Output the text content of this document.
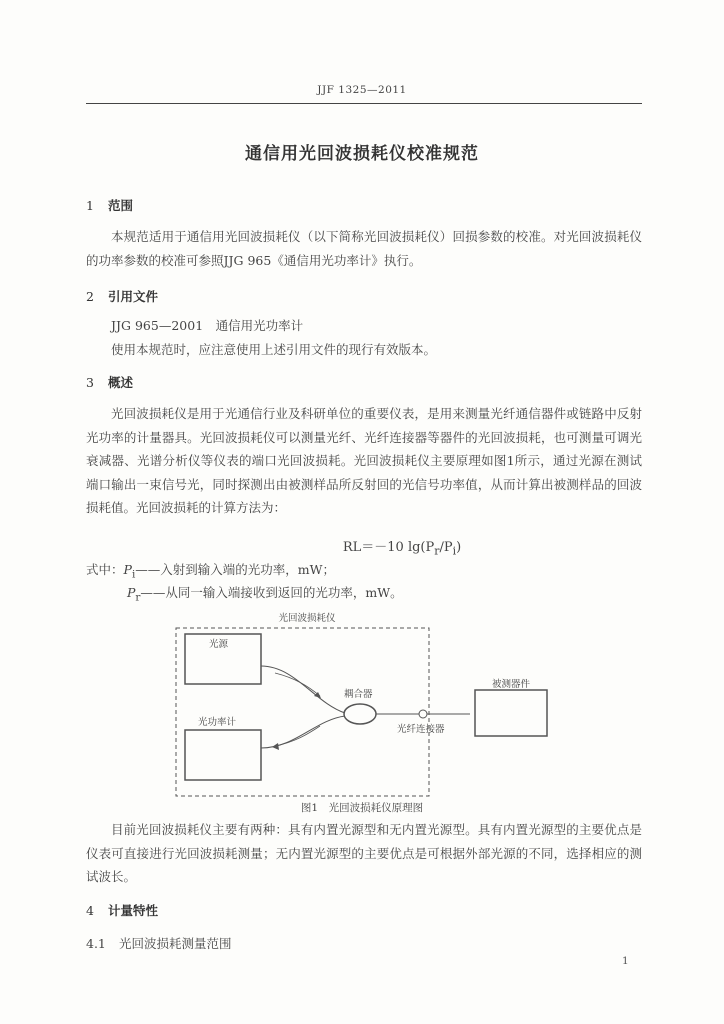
JJF 1325—2011
通信用光回波损耗仪校准规范
1 范围
本规范适用于通信用光回波损耗仪（以下简称光回波损耗仪）回损参数的校准。对光回波损耗仪的功率参数的校准可参照JJG 965《通信用光功率计》执行。
2 引用文件
JJG 965—2001　通信用光功率计
使用本规范时，应注意使用上述引用文件的现行有效版本。
3 概述
光回波损耗仪是用于光通信行业及科研单位的重要仪表，是用来测量光纤通信器件或链路中反射光功率的计量器具。光回波损耗仪可以测量光纤、光纤连接器等器件的光回波损耗，也可测量可调光衰减器、光谱分析仪等仪表的端口光回波损耗。光回波损耗仪主要原理如图1所示，通过光源在测试端口输出一束信号光，同时探测出由被测样品所反射回的光信号功率值，从而计算出被测样品的回波损耗值。光回波损耗的计算方法为：
RL＝－10 $\lg(P_r/P_i)$
式中：$P_i——$入射到输入端的光功率，mW；
$P_r——$从同一输入端接收到返回的光功率，mW。
光回波损耗仪
光源
光功率计
耦合器
光纤连接器
被测器件
图1　光回波损耗仪原理图
目前光回波损耗仪主要有两种：具有内置光源型和无内置光源型。具有内置光源型的主要优点是仪表可直接进行光回波损耗测量；无内置光源型的主要优点是可根据外部光源的不同，选择相应的测试波长。
4 计量特性
4.1 光回波损耗测量范围
1
